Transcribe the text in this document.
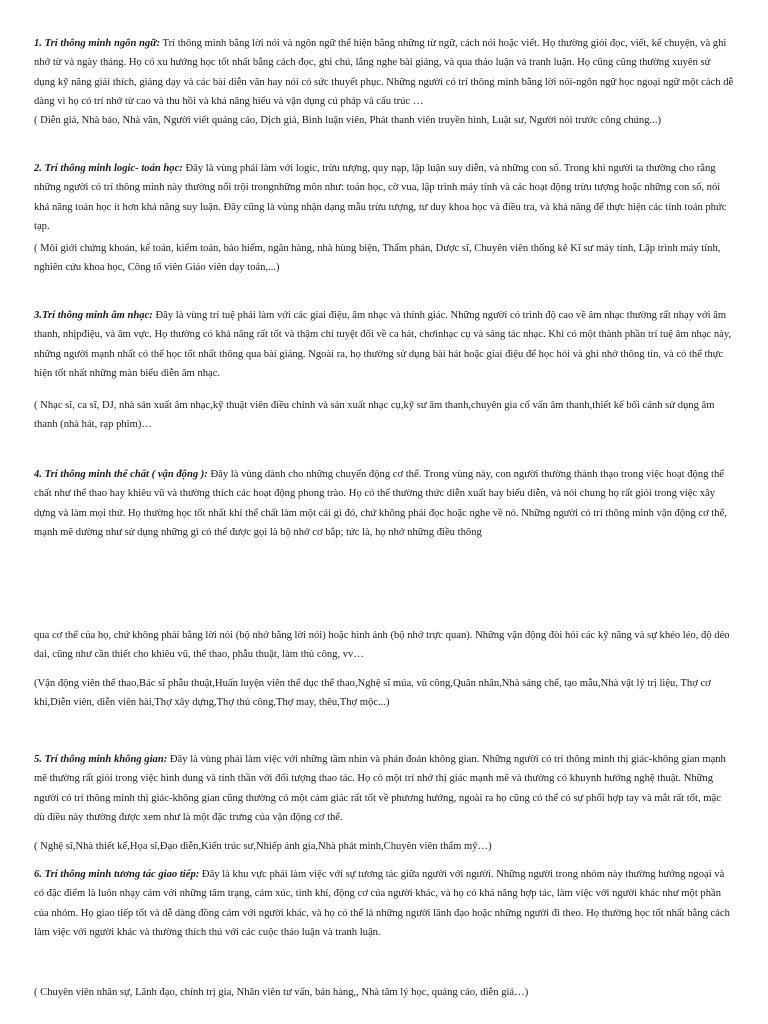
1. Trí thông minh ngôn ngữ: Trí thông minh bằng lời nói và ngôn ngữ thể hiện bằng những từ ngữ, cách nói hoặc viết. Họ thường giỏi đọc, viết, kể chuyện, và ghi nhớ từ và ngày tháng. Họ có xu hướng học tốt nhất bằng cách đọc, ghi chú, lắng nghe bài giảng, và qua thảo luận và tranh luận. Họ cũng cũng thường xuyên sử dụng kỹ năng giải thích, giảng dạy và các bài diễn văn hay nói có sức thuyết phục. Những người có trí thông minh bằng lời nói-ngôn ngữ học ngoại ngữ một cách dễ dàng vì họ có trí nhớ từ cao và thu hồi và khả năng hiểu và vận dụng cú pháp và cấu trúc …

( Diễn giả, Nhà báo, Nhà văn, Người viết quảng cáo, Dịch giả, Bình luận viên, Phát thanh viên truyền hình, Luật sư, Người nói trước công chúng...)

2. Trí thông minh logic- toán học: Đây là vùng phải làm với logic, trừu tượng, quy nạp, lập luận suy diễn, và những con số. Trong khi người ta thường cho rằng những người có trí thông minh này thường nổi trội trongnhững môn như: toán học, cờ vua, lập trình máy tính và các hoạt động trừu tượng hoặc những con số, nói khả năng toán học ít hơn khả năng suy luận. Đây cũng là vùng nhận dạng mẫu trừu tượng, tư duy khoa học và điều tra, và khả năng để thực hiện các tính toán phức tạp.

( Môi giới chứng khoán, kế toán, kiểm toán, bảo hiểm, ngân hàng, nhà hùng biện, Thẩm phán, Dược sĩ, Chuyên viên thống kê Kĩ sư máy tính, Lập trình máy tính, nghiên cứu khoa học, Công tố viên Giáo viên dạy toán,...)

3.Trí thông minh âm nhạc: Đây là vùng trí tuệ phải làm với các giai điệu, âm nhạc và thính giác. Những người có trình độ cao về âm nhạc thường rất nhạy với âm thanh, nhịpđiệu, và âm vực. Họ thường có khả năng rất tốt và thậm chí tuyệt đối về ca hát, chơinhạc cụ và sáng tác nhạc. Khi có một thành phần trí tuệ âm nhạc này, những người mạnh nhất có thể học tốt nhất thông qua bài giảng. Ngoài ra, họ thường sử dụng bài hát hoặc giai điệu để học hỏi và ghi nhớ thông tin, và có thể thực hiện tốt nhất những màn biểu diễn âm nhạc.

( Nhạc sĩ, ca sĩ, DJ, nhà sản xuất âm nhạc,kỹ thuật viên điều chỉnh và sản xuất nhạc cụ,kỹ sư âm thanh,chuyên gia cố vấn âm thanh,thiết kế bối cảnh sử dụng âm thanh (nhà hát, rạp phim)…

4. Trí thông minh thể chất ( vận động ): Đây là vùng dành cho những chuyển động cơ thể. Trong vùng này, con người thường thành thạo trong việc hoạt động thể chất như thể thao hay khiêu vũ và thường thích các hoạt động phong trào. Họ có thể thường thức diễn xuất hay biểu diễn, và nói chung họ rất giỏi trong việc xây dựng và làm mọi thứ. Họ thường học tốt nhất khi thể chất làm một cái gì đó, chứ không phải đọc hoặc nghe về nó. Những người có trí thông minh vận động cơ thể, mạnh mẽ dường như sử dụng những gì có thể được gọi là bộ nhớ cơ bắp; tức là, họ nhớ những điều thông

qua cơ thể của họ, chứ không phải bằng lời nói (bộ nhớ bằng lời nói) hoặc hình ảnh (bộ nhớ trực quan). Những vận động đòi hỏi các kỹ năng và sự khéo léo, độ dẻo dai, cũng như cần thiết cho khiêu vũ, thể thao, phẫu thuật, làm thủ công, vv…

(Vận động viên thể thao,Bác sĩ phẫu thuật,Huấn luyện viên thể dục thể thao,Nghệ sĩ múa, vũ công,Quân nhân,Nhà sáng chế, tạo mẫu,Nhà vật lý trị liệu, Thợ cơ khí,Diễn viên, diễn viên hài,Thợ xây dựng,Thợ thủ công,Thợ may, thêu,Thợ mộc...)

5. Trí thông minh không gian: Đây là vùng phải làm việc với những tầm nhìn và phán đoán không gian. Những người có trí thông minh thị giác-không gian mạnh mẽ thường rất giỏi trong việc hình dung và tinh thần với đối tượng thao tác. Họ có một trí nhớ thị giác mạnh mẽ và thường có khuynh hướng nghệ thuật. Những người có trí thông minh thị giác-không gian cũng thường có một cảm giác rất tốt về phương hướng, ngoài ra họ cũng có thể có sự phối hợp tay và mắt rất tốt, mặc dù điều này thường được xem như là một đặc trưng của vận động cơ thể.

( Nghệ sĩ,Nhà thiết kế,Họa sĩ,Đạo diễn,Kiến trúc sư,Nhiếp ảnh gia,Nhà phát minh,Chuyên viên thẩm mỹ…)

6. Trí thông minh tương tác giao tiếp: Đây là khu vực phải làm việc với sự tương tác giữa người với người. Những người trong nhóm này thường hướng ngoại và có đặc điểm là luôn nhạy cảm với những tâm trạng, cảm xúc, tính khí, động cơ của người khác, và họ có khả năng hợp tác, làm việc với người khác như một phần của nhóm. Họ giao tiếp tốt và dễ dàng đồng cảm với người khác, và họ có thể là những người lãnh đạo hoặc những người đi theo. Họ thường học tốt nhất bằng cách làm việc với người khác và thường thích thú với các cuộc thảo luận và tranh luận.

( Chuyên viên nhân sự, Lãnh đạo, chính trị gia, Nhân viên tư vấn, bán hàng,, Nhà tâm lý học, quảng cáo, diễn giả…)
